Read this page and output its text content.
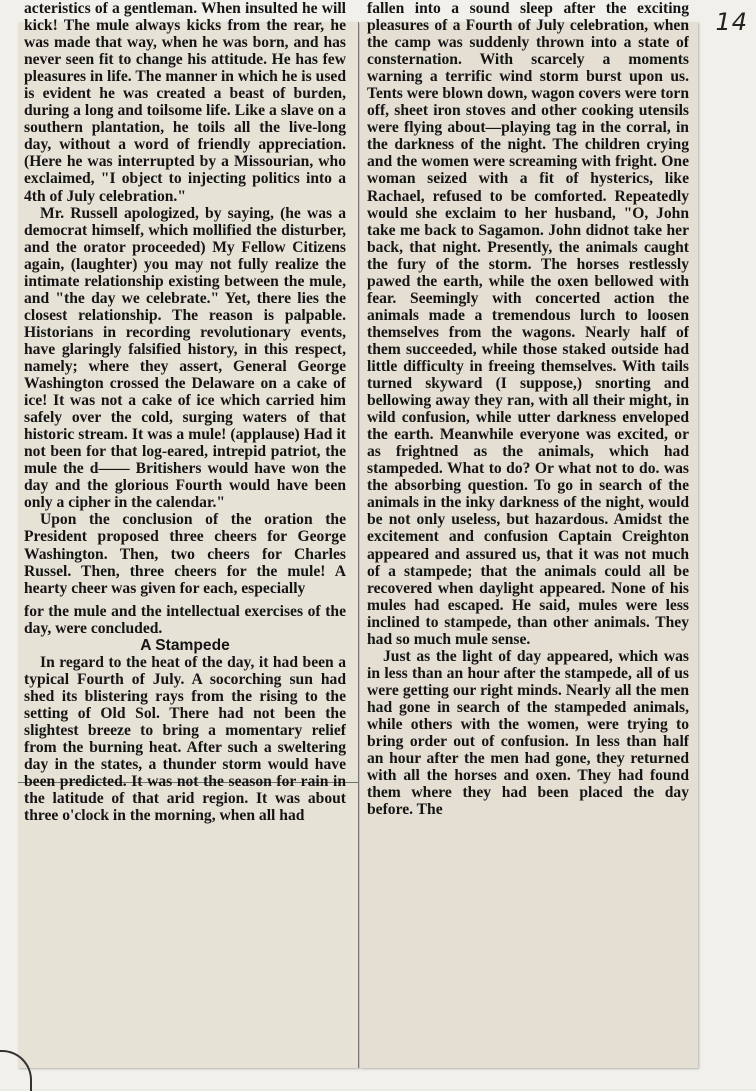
acteristics of a gentleman. When insulted he will kick! The mule always kicks from the rear, he was made that way, when he was born, and has never seen fit to change his attitude. He has few pleasures in life. The manner in which he is used is evident he was created a beast of burden, during a long and toilsome life. Like a slave on a southern plantation, he toils all the live-long day, without a word of friendly appreciation. (Here he was interrupted by a Missourian, who exclaimed, "I object to injecting politics into a 4th of July celebration."

Mr. Russell apologized, by saying, (he was a democrat himself, which mollified the disturber, and the orator proceeded) My Fellow Citizens again, (laughter) you may not fully realize the intimate relationship existing between the mule, and "the day we celebrate." Yet, there lies the closest relationship. The reason is palpable. Historians in recording revolutionary events, have glaringly falsified history, in this respect, namely; where they assert, General George Washington crossed the Delaware on a cake of ice! It was not a cake of ice which carried him safely over the cold, surging waters of that historic stream. It was a mule! (applause) Had it not been for that log-eared, intrepid patriot, the mule the d—— Britishers would have won the day and the glorious Fourth would have been only a cipher in the calendar."

Upon the conclusion of the oration the President proposed three cheers for George Washington. Then, two cheers for Charles Russel. Then, three cheers for the mule! A hearty cheer was given for each, especially

for the mule and the intellectual exercises of the day, were concluded.

A Stampede

In regard to the heat of the day, it had been a typical Fourth of July. A socorching sun had shed its blistering rays from the rising to the setting of Old Sol. There had not been the slightest breeze to bring a momentary relief from the burning heat. After such a sweltering day in the states, a thunder storm would have been predicted. It was not the season for rain in the latitude of that arid region. It was about three o'clock in the morning, when all had

fallen into a sound sleep after the exciting pleasures of a Fourth of July celebration, when the camp was suddenly thrown into a state of consternation. With scarcely a moments warning a terrific wind storm burst upon us. Tents were blown down, wagon covers were torn off, sheet iron stoves and other cooking utensils were flying about—playing tag in the corral, in the darkness of the night. The children crying and the women were screaming with fright. One woman seized with a fit of hysterics, like Rachael, refused to be comforted. Repeatedly would she exclaim to her husband, "O, John take me back to Sagamon. John didnot take her back, that night. Presently, the animals caught the fury of the storm. The horses restlessly pawed the earth, while the oxen bellowed with fear. Seemingly with concerted action the animals made a tremendous lurch to loosen themselves from the wagons. Nearly half of them succeeded, while those staked outside had little difficulty in freeing themselves. With tails turned skyward (I suppose,) snorting and bellowing away they ran, with all their might, in wild confusion, while utter darkness enveloped the earth. Meanwhile everyone was excited, or as frightned as the animals, which had stampeded. What to do? Or what not to do. was the absorbing question. To go in search of the animals in the inky darkness of the night, would be not only useless, but hazardous. Amidst the excitement and confusion Captain Creighton appeared and assured us, that it was not much of a stampede; that the animals could all be recovered when daylight appeared. None of his mules had escaped. He said, mules were less inclined to stampede, than other animals. They had so much mule sense.

Just as the light of day appeared, which was in less than an hour after the stampede, all of us were getting our right minds. Nearly all the men had gone in search of the stampeded animals, while others with the women, were trying to bring order out of confusion. In less than half an hour after the men had gone, they returned with all the horses and oxen. They had found them where they had been placed the day before. The

14
